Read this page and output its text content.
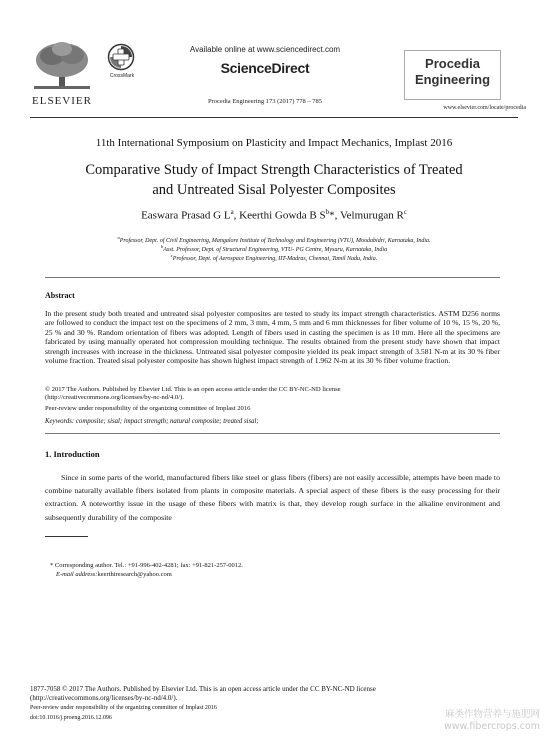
ELSEVIER
CrossMark
Available online at www.sciencedirect.com
ScienceDirect
Procedia Engineering 173 (2017) 778 – 785
Procedia
Engineering
www.elsevier.com/locate/procedia
11th International Symposium on Plasticity and Impact Mechanics, Implast 2016
Comparative Study of Impact Strength Characteristics of Treated
and Untreated Sisal Polyester Composites
Easwara Prasad G $L^a$, Keerthi Gowda B $S^b*$, Velmurugan $R^c$
$^a$Professor, Dept. of Civil Engineering, Mangalore Institute of Technology and Engineering (VTU), Moodabidri, Karnataka, India.
$^b$Asst. Professor, Dept. of Structural Engineering, VTU- PG Centre, Mysuru, Karnataka, India
$^c$Professor, Dept. of Aerospace Engineering, IIT-Madras, Chennai, Tamil Nadu, India.
Abstract
In the present study both treated and untreated sisal polyester composites are tested to study its impact strength characteristics. ASTM D256 norms are followed to conduct the impact test on the specimens of 2 mm, 3 mm, 4 mm, 5 mm and 6 mm thicknesses for fiber volume of 10 %, 15 %, 20 %, 25 % and 30 %. Random orientation of fibers was adopted. Length of fibers used in casting the specimen is as 10 mm. Here all the specimens are fabricated by using manually operated hot compression moulding technique. The results obtained from the present study have shown that impact strength increases with increase in the thickness. Untreated sisal polyester composite yielded its peak impact strength of 3.581 N-m at its 30 % fiber volume fraction. Treated sisal polyester composite has shown highest impact strength of 1.962 N-m at its 30 % fiber volume fraction.
© 2017 The Authors. Published by Elsevier Ltd. This is an open access article under the CC BY-NC-ND license
(http://creativecommons.org/licenses/by-nc-nd/4.0/).
Peer-review under responsibility of the organizing committee of Implast 2016
Keywords: composite; sisal; impact strength; natural composite; treated sisal;
1. Introduction
Since in some parts of the world, manufactured fibers like steel or glass fibers (fibers) are not easily accessible, attempts have been made to combine naturally available fibers isolated from plants in composite materials. A special aspect of these fibers is the easy processing for their extraction. A noteworthy issue in the usage of these fibers with matrix is that, they develop rough surface in the alkaline environment and subsequently durability of the composite
* Corresponding author. Tel.: +91-996-402-4281; fax: +91-821-257-0012.
E-mail address:keerthiresearch@yahoo.com
1877-7058 © 2017 The Authors. Published by Elsevier Ltd. This is an open access article under the CC BY-NC-ND license
(http://creativecommons.org/licenses/by-nc-nd/4.0/).
Peer-review under responsibility of the organizing committee of Implast 2016
doi:10.1016/j.proeng.2016.12.096	麻类作物营养与施肥网
www.fibercrops.com
